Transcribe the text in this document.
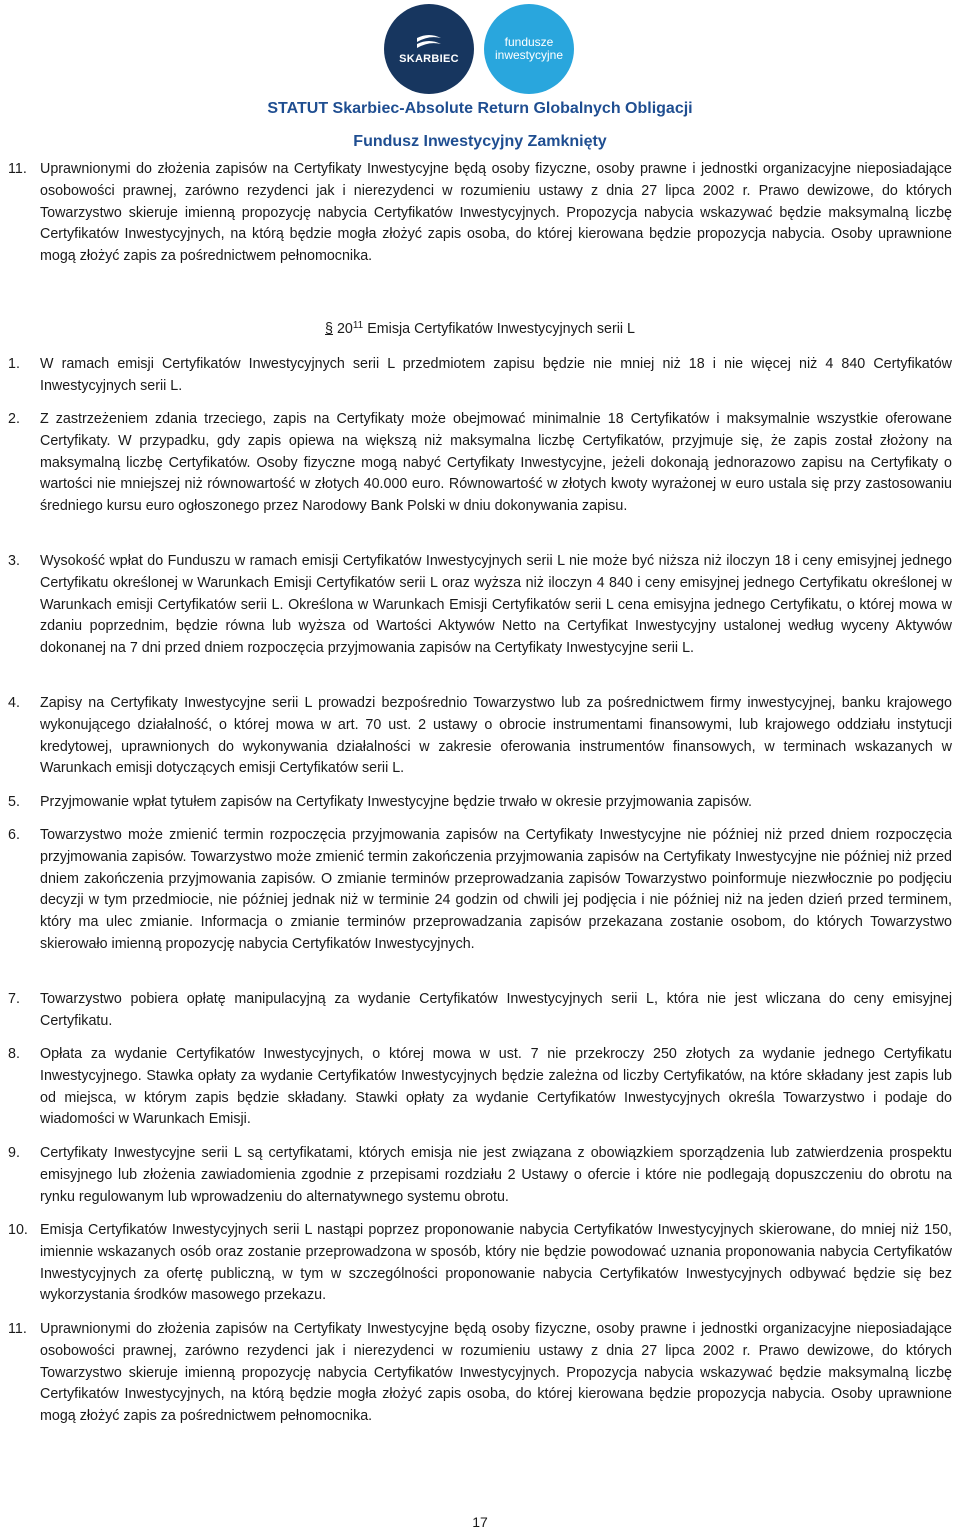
SKARBIEC
fundusze
inwestycyjne
STATUT Skarbiec-Absolute Return Globalnych Obligacji
Fundusz Inwestycyjny Zamknięty

11. Uprawnionymi do złożenia zapisów na Certyfikaty Inwestycyjne będą osoby fizyczne, osoby prawne i jednostki organizacyjne nieposiadające osobowości prawnej, zarówno rezydenci jak i nierezydenci w rozumieniu ustawy z dnia 27 lipca 2002 r. Prawo dewizowe, do których Towarzystwo skieruje imienną propozycję nabycia Certyfikatów Inwestycyjnych. Propozycja nabycia wskazywać będzie maksymalną liczbę Certyfikatów Inwestycyjnych, na którą będzie mogła złożyć zapis osoba, do której kierowana będzie propozycja nabycia. Osoby uprawnione mogą złożyć zapis za pośrednictwem pełnomocnika.

§ $20^{11}$ Emisja Certyfikatów Inwestycyjnych serii L

1. W ramach emisji Certyfikatów Inwestycyjnych serii L przedmiotem zapisu będzie nie mniej niż 18 i nie więcej niż 4 840 Certyfikatów Inwestycyjnych serii L.

2. Z zastrzeżeniem zdania trzeciego, zapis na Certyfikaty może obejmować minimalnie 18 Certyfikatów i maksymalnie wszystkie oferowane Certyfikaty. W przypadku, gdy zapis opiewa na większą niż maksymalna liczbę Certyfikatów, przyjmuje się, że zapis został złożony na maksymalną liczbę Certyfikatów. Osoby fizyczne mogą nabyć Certyfikaty Inwestycyjne, jeżeli dokonają jednorazowo zapisu na Certyfikaty o wartości nie mniejszej niż równowartość w złotych 40.000 euro. Równowartość w złotych kwoty wyrażonej w euro ustala się przy zastosowaniu średniego kursu euro ogłoszonego przez Narodowy Bank Polski w dniu dokonywania zapisu.

3. Wysokość wpłat do Funduszu w ramach emisji Certyfikatów Inwestycyjnych serii L nie może być niższa niż iloczyn 18 i ceny emisyjnej jednego Certyfikatu określonej w Warunkach Emisji Certyfikatów serii L oraz wyższa niż iloczyn 4 840 i ceny emisyjnej jednego Certyfikatu określonej w Warunkach emisji Certyfikatów serii L. Określona w Warunkach Emisji Certyfikatów serii L cena emisyjna jednego Certyfikatu, o której mowa w zdaniu poprzednim, będzie równa lub wyższa od Wartości Aktywów Netto na Certyfikat Inwestycyjny ustalonej według wyceny Aktywów dokonanej na 7 dni przed dniem rozpoczęcia przyjmowania zapisów na Certyfikaty Inwestycyjne serii L.

4. Zapisy na Certyfikaty Inwestycyjne serii L prowadzi bezpośrednio Towarzystwo lub za pośrednictwem firmy inwestycyjnej, banku krajowego wykonującego działalność, o której mowa w art. 70 ust. 2 ustawy o obrocie instrumentami finansowymi, lub krajowego oddziału instytucji kredytowej, uprawnionych do wykonywania działalności w zakresie oferowania instrumentów finansowych, w terminach wskazanych w Warunkach emisji dotyczących emisji Certyfikatów serii L.

5. Przyjmowanie wpłat tytułem zapisów na Certyfikaty Inwestycyjne będzie trwało w okresie przyjmowania zapisów.

6. Towarzystwo może zmienić termin rozpoczęcia przyjmowania zapisów na Certyfikaty Inwestycyjne nie później niż przed dniem rozpoczęcia przyjmowania zapisów. Towarzystwo może zmienić termin zakończenia przyjmowania zapisów na Certyfikaty Inwestycyjne nie później niż przed dniem zakończenia przyjmowania zapisów. O zmianie terminów przeprowadzania zapisów Towarzystwo poinformuje niezwłocznie po podjęciu decyzji w tym przedmiocie, nie później jednak niż w terminie 24 godzin od chwili jej podjęcia i nie później niż na jeden dzień przed terminem, który ma ulec zmianie. Informacja o zmianie terminów przeprowadzania zapisów przekazana zostanie osobom, do których Towarzystwo skierowało imienną propozycję nabycia Certyfikatów Inwestycyjnych.

7. Towarzystwo pobiera opłatę manipulacyjną za wydanie Certyfikatów Inwestycyjnych serii L, która nie jest wliczana do ceny emisyjnej Certyfikatu.

8. Opłata za wydanie Certyfikatów Inwestycyjnych, o której mowa w ust. 7 nie przekroczy 250 złotych za wydanie jednego Certyfikatu Inwestycyjnego. Stawka opłaty za wydanie Certyfikatów Inwestycyjnych będzie zależna od liczby Certyfikatów, na które składany jest zapis lub od miejsca, w którym zapis będzie składany. Stawki opłaty za wydanie Certyfikatów Inwestycyjnych określa Towarzystwo i podaje do wiadomości w Warunkach Emisji.

9. Certyfikaty Inwestycyjne serii L są certyfikatami, których emisja nie jest związana z obowiązkiem sporządzenia lub zatwierdzenia prospektu emisyjnego lub złożenia zawiadomienia zgodnie z przepisami rozdziału 2 Ustawy o ofercie i które nie podlegają dopuszczeniu do obrotu na rynku regulowanym lub wprowadzeniu do alternatywnego systemu obrotu.

10. Emisja Certyfikatów Inwestycyjnych serii L nastąpi poprzez proponowanie nabycia Certyfikatów Inwestycyjnych skierowane, do mniej niż 150, imiennie wskazanych osób oraz zostanie przeprowadzona w sposób, który nie będzie powodować uznania proponowania nabycia Certyfikatów Inwestycyjnych za ofertę publiczną, w tym w szczególności proponowanie nabycia Certyfikatów Inwestycyjnych odbywać będzie się bez wykorzystania środków masowego przekazu.

11. Uprawnionymi do złożenia zapisów na Certyfikaty Inwestycyjne będą osoby fizyczne, osoby prawne i jednostki organizacyjne nieposiadające osobowości prawnej, zarówno rezydenci jak i nierezydenci w rozumieniu ustawy z dnia 27 lipca 2002 r. Prawo dewizowe, do których Towarzystwo skieruje imienną propozycję nabycia Certyfikatów Inwestycyjnych. Propozycja nabycia wskazywać będzie maksymalną liczbę Certyfikatów Inwestycyjnych, na którą będzie mogła złożyć zapis osoba, do której kierowana będzie propozycja nabycia. Osoby uprawnione mogą złożyć zapis za pośrednictwem pełnomocnika.

17
